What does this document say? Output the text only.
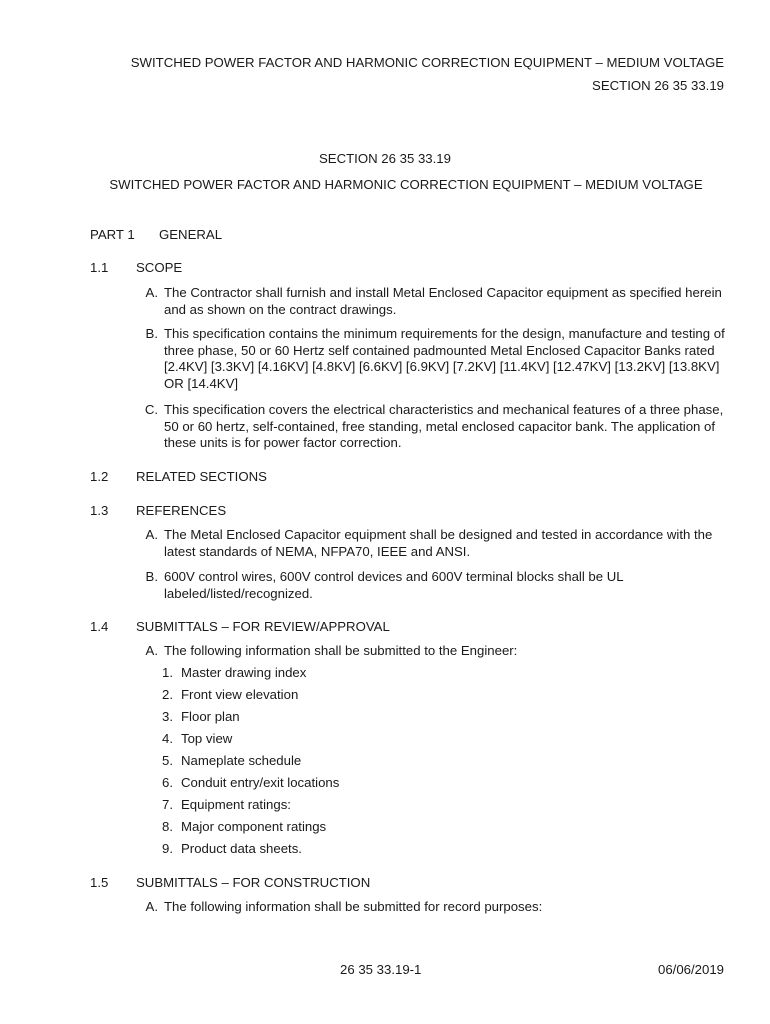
SWITCHED POWER FACTOR AND HARMONIC CORRECTION EQUIPMENT – MEDIUM VOLTAGE
SECTION 26 35 33.19
SECTION 26 35 33.19
SWITCHED POWER FACTOR AND HARMONIC CORRECTION EQUIPMENT – MEDIUM VOLTAGE
PART 1 GENERAL
1.1 SCOPE
A. The Contractor shall furnish and install Metal Enclosed Capacitor equipment as specified herein and as shown on the contract drawings.
B. This specification contains the minimum requirements for the design, manufacture and testing of three phase, 50 or 60 Hertz self contained padmounted Metal Enclosed Capacitor Banks rated [2.4KV] [3.3KV] [4.16KV] [4.8KV] [6.6KV] [6.9KV] [7.2KV] [11.4KV] [12.47KV] [13.2KV] [13.8KV] OR [14.4KV]
C. This specification covers the electrical characteristics and mechanical features of a three phase, 50 or 60 hertz, self-contained, free standing, metal enclosed capacitor bank. The application of these units is for power factor correction.
1.2 RELATED SECTIONS
1.3 REFERENCES
A. The Metal Enclosed Capacitor equipment shall be designed and tested in accordance with the latest standards of NEMA, NFPA70, IEEE and ANSI.
B. 600V control wires, 600V control devices and 600V terminal blocks shall be UL labeled/listed/recognized.
1.4 SUBMITTALS – FOR REVIEW/APPROVAL
A. The following information shall be submitted to the Engineer:
1. Master drawing index
2. Front view elevation
3. Floor plan
4. Top view
5. Nameplate schedule
6. Conduit entry/exit locations
7. Equipment ratings:
8. Major component ratings
9. Product data sheets.
1.5 SUBMITTALS – FOR CONSTRUCTION
A. The following information shall be submitted for record purposes:
26 35 33.19-1	06/06/2019
